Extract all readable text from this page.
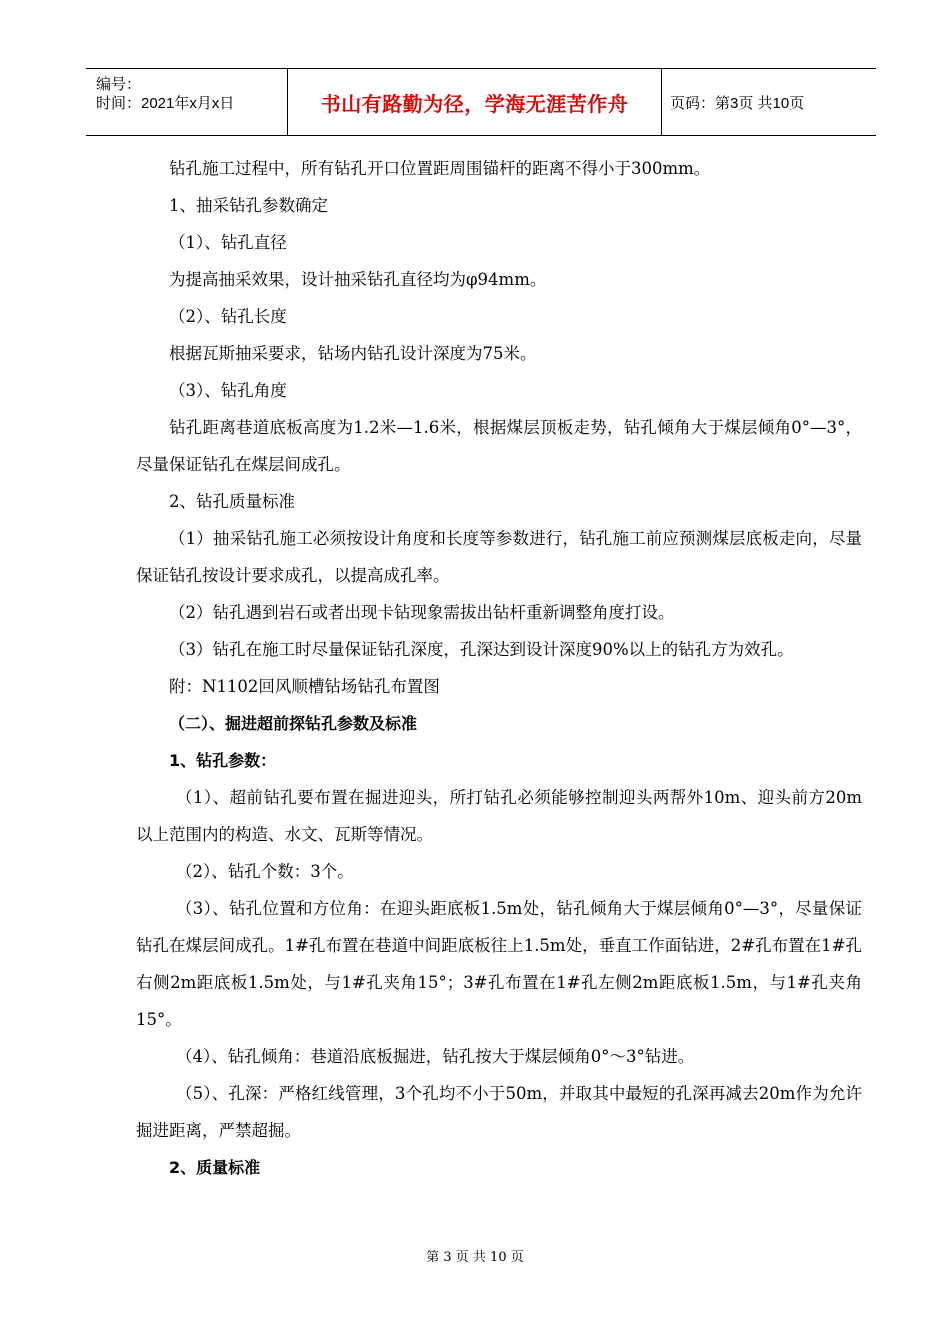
编号：
时间：2021年x月x日	书山有路勤为径，学海无涯苦作舟	页码：第3页 共10页

钻孔施工过程中，所有钻孔开口位置距周围锚杆的距离不得小于300mm。

1、抽采钻孔参数确定

（1）、钻孔直径

为提高抽采效果，设计抽采钻孔直径均为φ94mm。

（2）、钻孔长度

根据瓦斯抽采要求，钻场内钻孔设计深度为75米。

（3）、钻孔角度

钻孔距离巷道底板高度为1.2米—1.6米，根据煤层顶板走势，钻孔倾角大于煤层倾角0°—3°，尽量保证钻孔在煤层间成孔。

2、钻孔质量标准

（1）抽采钻孔施工必须按设计角度和长度等参数进行，钻孔施工前应预测煤层底板走向，尽量保证钻孔按设计要求成孔，以提高成孔率。

（2）钻孔遇到岩石或者出现卡钻现象需拔出钻杆重新调整角度打设。

（3）钻孔在施工时尽量保证钻孔深度，孔深达到设计深度90%以上的钻孔方为效孔。

附：N1102回风顺槽钻场钻孔布置图

（二）、掘进超前探钻孔参数及标准

1、钻孔参数：

（1）、超前钻孔要布置在掘进迎头，所打钻孔必须能够控制迎头两帮外10m、迎头前方20m以上范围内的构造、水文、瓦斯等情况。

（2）、钻孔个数：3个。

（3）、钻孔位置和方位角：在迎头距底板1.5m处，钻孔倾角大于煤层倾角0°—3°，尽量保证钻孔在煤层间成孔。1#孔布置在巷道中间距底板往上1.5m处，垂直工作面钻进，2#孔布置在1#孔右侧2m距底板1.5m处，与1#孔夹角15°；3#孔布置在1#孔左侧2m距底板1.5m，与1#孔夹角15°。

（4）、钻孔倾角：巷道沿底板掘进，钻孔按大于煤层倾角0°～3°钻进。

（5）、孔深：严格红线管理，3个孔均不小于50m，并取其中最短的孔深再减去20m作为允许掘进距离，严禁超掘。

2、质量标准

第 3 页 共 10 页
